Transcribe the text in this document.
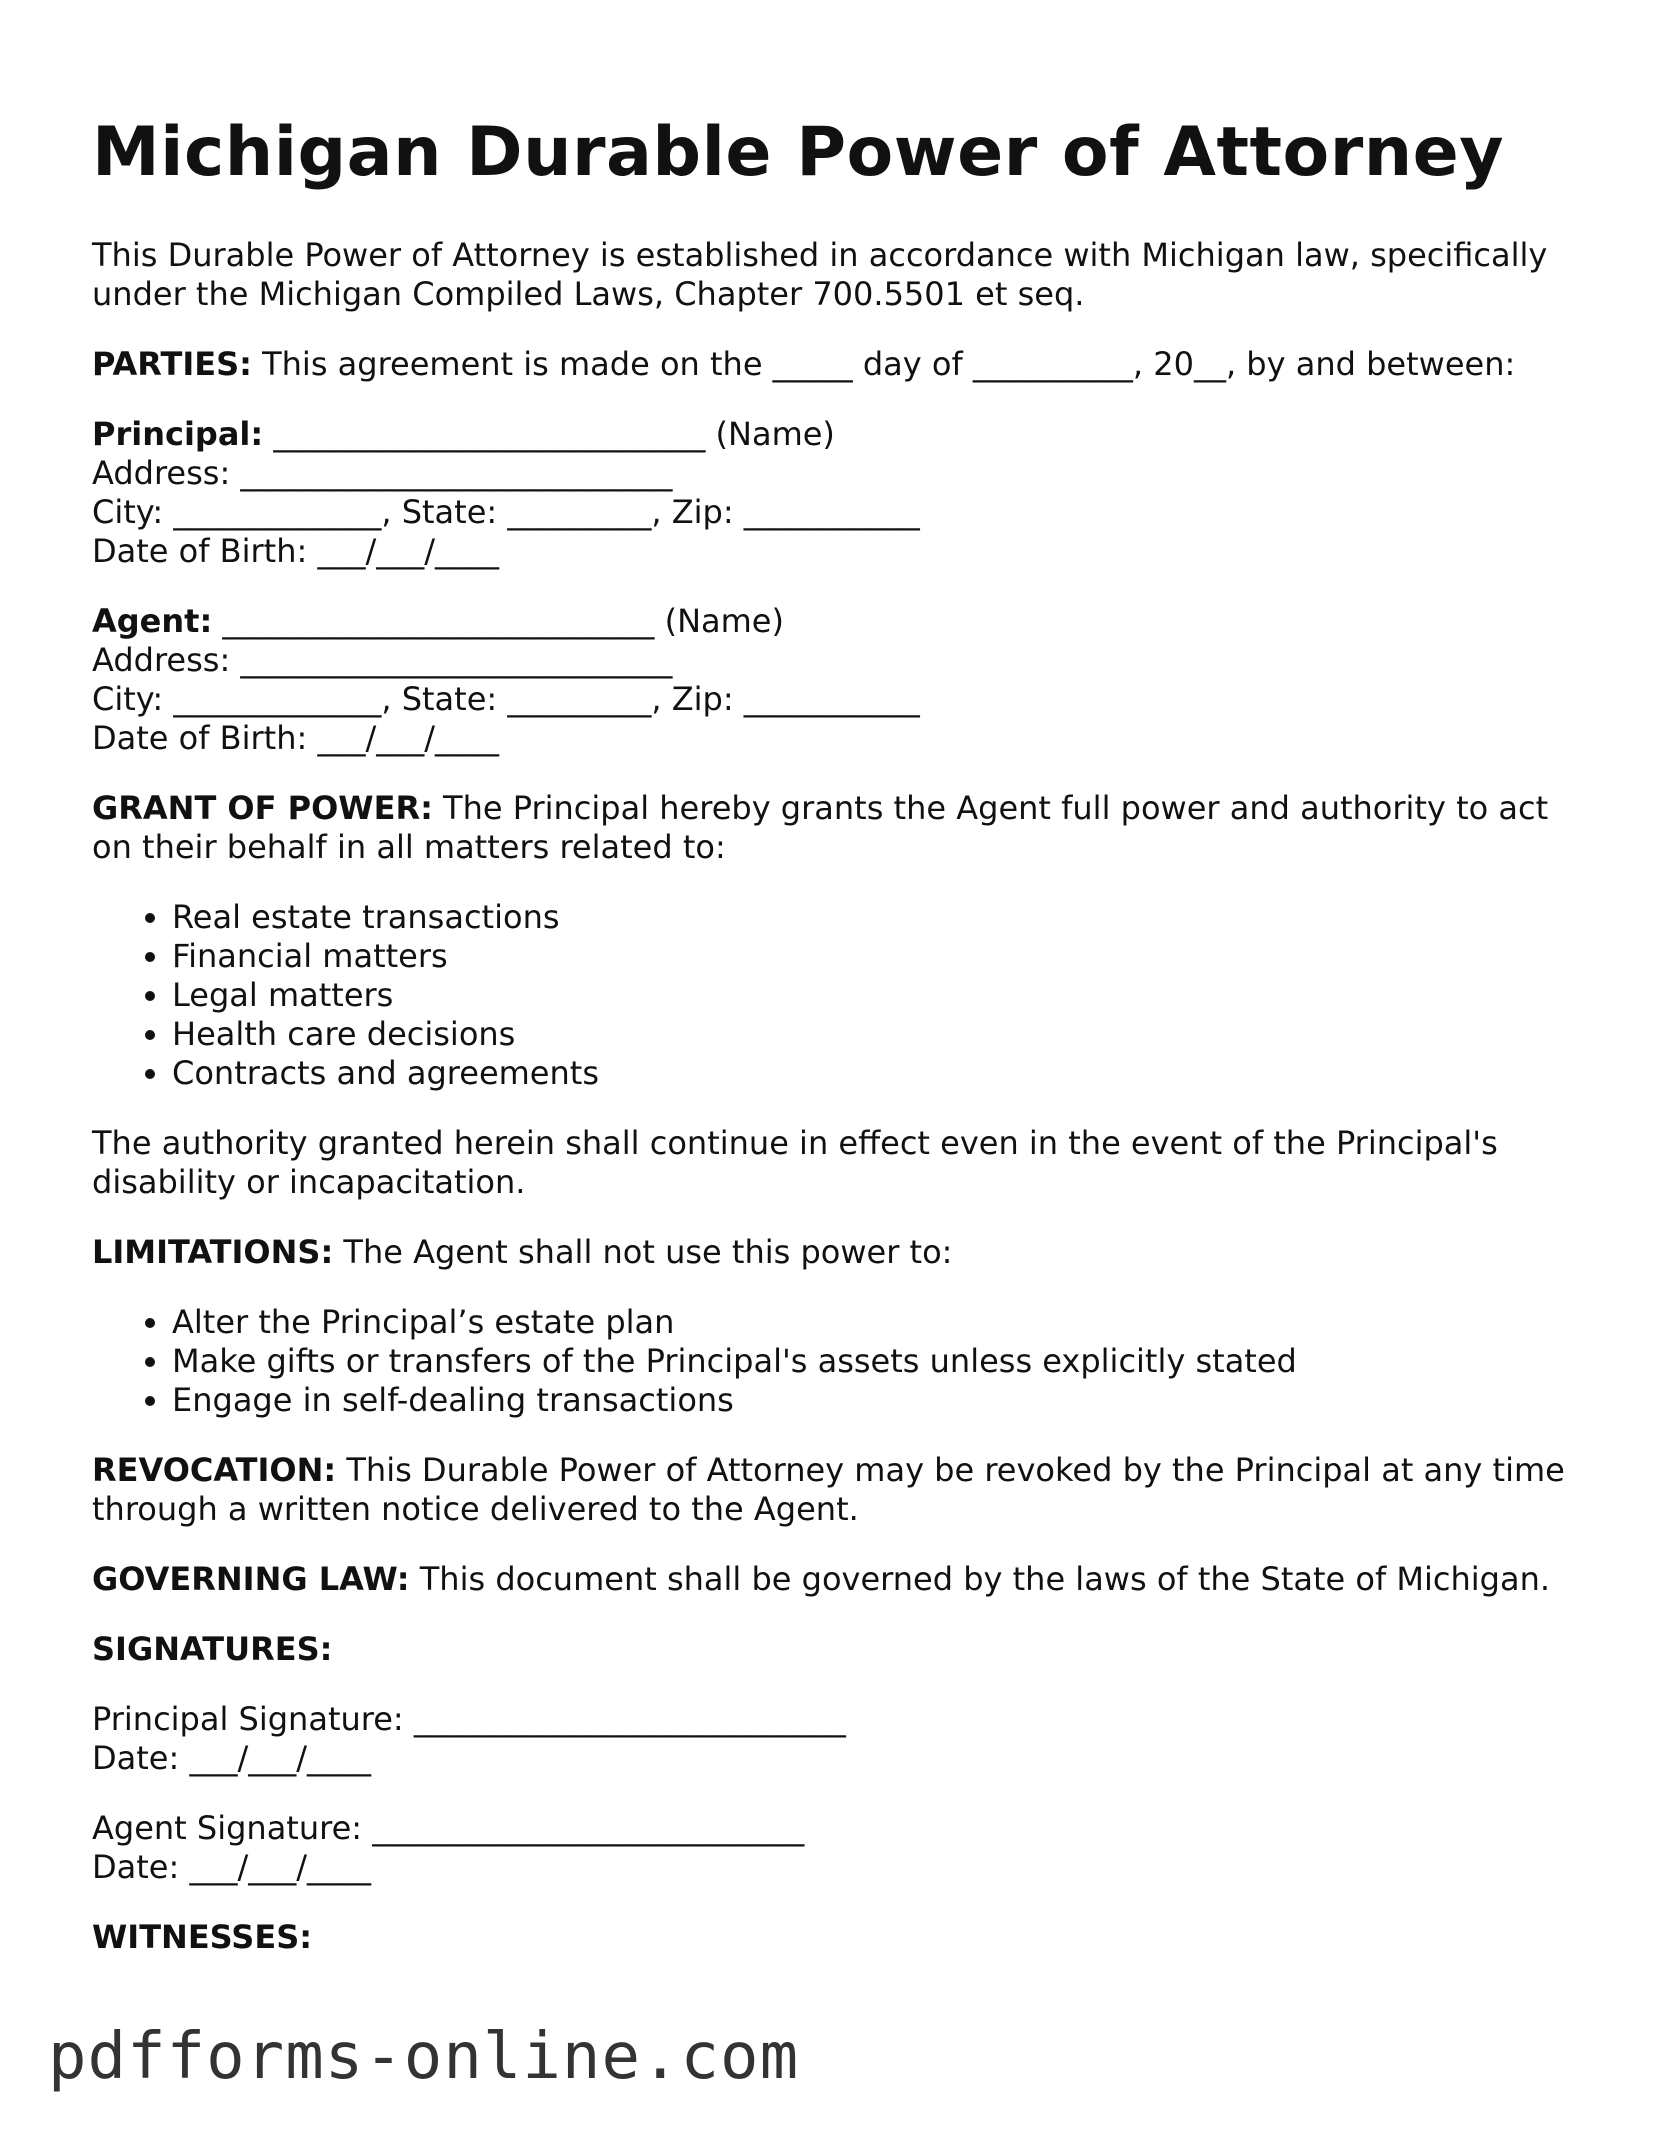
Michigan Durable Power of Attorney

This Durable Power of Attorney is established in accordance with Michigan law, specifically under the Michigan Compiled Laws, Chapter 700.5501 et seq.

PARTIES: This agreement is made on the _____ day of __________, 20__, by and between:

Principal: ___________________________ (Name)
Address: ___________________________
City: _____________, State: _________, Zip: ___________
Date of Birth: ___/___/____
Agent: ___________________________ (Name)
Address: ___________________________
City: _____________, State: _________, Zip: ___________
Date of Birth: ___/___/____

GRANT OF POWER: The Principal hereby grants the Agent full power and authority to act on their behalf in all matters related to:

• Real estate transactions
• Financial matters
• Legal matters
• Health care decisions
• Contracts and agreements

The authority granted herein shall continue in effect even in the event of the Principal's disability or incapacitation.

LIMITATIONS: The Agent shall not use this power to:

• Alter the Principal’s estate plan
• Make gifts or transfers of the Principal's assets unless explicitly stated
• Engage in self-dealing transactions

REVOCATION: This Durable Power of Attorney may be revoked by the Principal at any time through a written notice delivered to the Agent.

GOVERNING LAW: This document shall be governed by the laws of the State of Michigan.

SIGNATURES:

Principal Signature: ___________________________
Date: ___/___/____
Agent Signature: ___________________________
Date: ___/___/____

WITNESSES:

pdfforms-online.com
